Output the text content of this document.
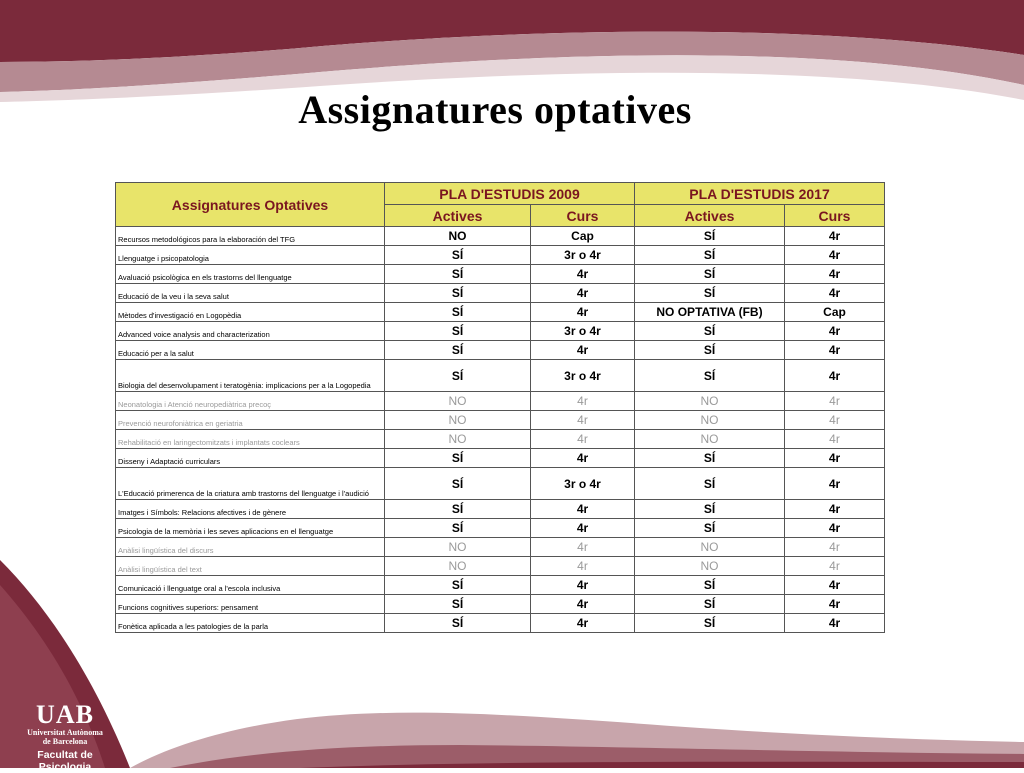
Assignatures optatives
Assignatures Optatives	PLA D'ESTUDIS 2009		PLA D'ESTUDIS 2017	
	Actives	Curs	Actives	Curs
Recursos metodológicos para la elaboración del TFG	NO	Cap	SÍ	4r
Llenguatge i psicopatologia	SÍ	3r o 4r	SÍ	4r
Avaluació psicològica en els trastorns del llenguatge	SÍ	4r	SÍ	4r
Educació de la veu i la seva salut	SÍ	4r	SÍ	4r
Mètodes d'investigació en Logopèdia	SÍ	4r	NO OPTATIVA (FB)	Cap
Advanced voice analysis and characterization	SÍ	3r o 4r	SÍ	4r
Educació per a la salut	SÍ	4r	SÍ	4r
Biologia del desenvolupament i teratogènia: implicacions per a la Logopedia	SÍ	3r o 4r	SÍ	4r
Neonatologia i Atenció neuropediàtrica precoç	NO	4r	NO	4r
Prevenció neurofoniàtrica en geriatria	NO	4r	NO	4r
Rehabilitació en laringectomitzats i implantats coclears	NO	4r	NO	4r
Disseny i Adaptació curriculars	SÍ	4r	SÍ	4r
L'Educació primerenca de la criatura amb trastorns del llenguatge i l'audició	SÍ	3r o 4r	SÍ	4r
Imatges i Símbols: Relacions afectives i de gènere	SÍ	4r	SÍ	4r
Psicologia de la memòria i les seves aplicacions en el llenguatge	SÍ	4r	SÍ	4r
Anàlisi lingüística del discurs	NO	4r	NO	4r
Anàlisi lingüística del text	NO	4r	NO	4r
Comunicació i llenguatge oral a l'escola inclusiva	SÍ	4r	SÍ	4r
Funcions cognitives superiors: pensament	SÍ	4r	SÍ	4r
Fonètica aplicada a les patologies de la parla	SÍ	4r	SÍ	4r
UAB
Universitat Autònoma
de Barcelona
Facultat de Psicologia
